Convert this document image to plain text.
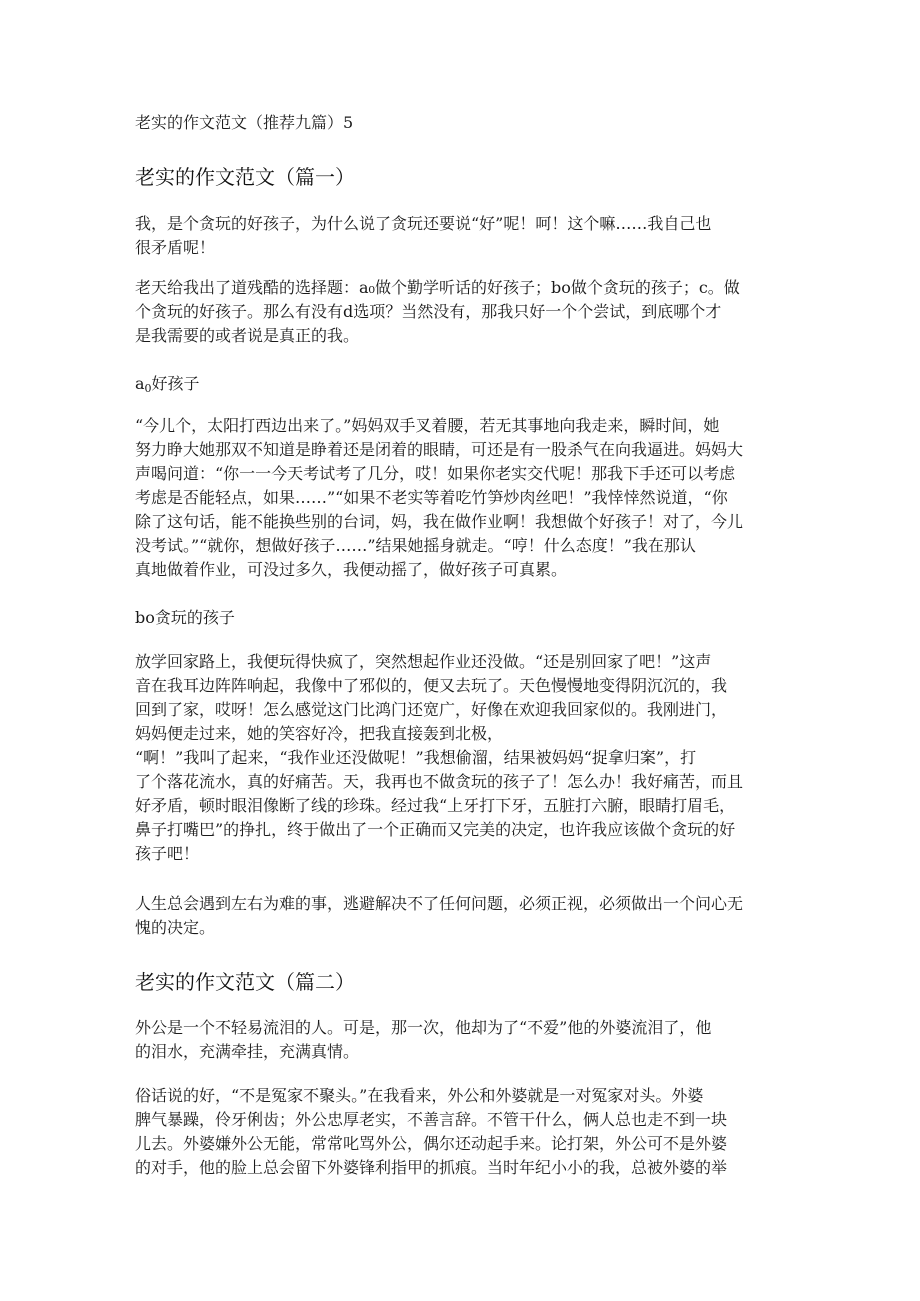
老实的作文范文（推荐九篇）5
老实的作文范文（篇一）
我，是个贪玩的好孩子，为什么说了贪玩还要说“好”呢！呵！这个嘛……我自己也
很矛盾呢！
老天给我出了道残酷的选择题：a₀做个勤学听话的好孩子；bo做个贪玩的孩子；c。做
个贪玩的好孩子。那么有没有d选项？当然没有，那我只好一个个尝试，到底哪个才
是我需要的或者说是真正的我。
$a_0$好孩子
“今儿个，太阳打西边出来了。”妈妈双手叉着腰，若无其事地向我走来，瞬时间，她
努力睁大她那双不知道是睁着还是闭着的眼睛，可还是有一股杀气在向我逼进。妈妈大
声喝问道：“你一一今天考试考了几分，哎！如果你老实交代呢！那我下手还可以考虑
考虑是否能轻点，如果……”“如果不老实等着吃竹笋炒肉丝吧！”我悻悻然说道，“你
除了这句话，能不能换些别的台词，妈，我在做作业啊！我想做个好孩子！对了，今儿
没考试。”“就你，想做好孩子……”结果她摇身就走。“哼！什么态度！”我在那认
真地做着作业，可没过多久，我便动摇了，做好孩子可真累。
bo贪玩的孩子
放学回家路上，我便玩得快疯了，突然想起作业还没做。“还是别回家了吧！”这声
音在我耳边阵阵响起，我像中了邪似的，便又去玩了。天色慢慢地变得阴沉沉的，我
回到了家，哎呀！怎么感觉这门比鸿门还宽广，好像在欢迎我回家似的。我刚进门，
妈妈便走过来，她的笑容好冷，把我直接轰到北极，
“啊！”我叫了起来，“我作业还没做呢！”我想偷溜，结果被妈妈“捉拿归案”，打
了个落花流水，真的好痛苦。天，我再也不做贪玩的孩子了！怎么办！我好痛苦，而且
好矛盾，顿时眼泪像断了线的珍珠。经过我“上牙打下牙，五脏打六腑，眼睛打眉毛，
鼻子打嘴巴”的挣扎，终于做出了一个正确而又完美的决定，也许我应该做个贪玩的好
孩子吧！
人生总会遇到左右为难的事，逃避解决不了任何问题，必须正视，必须做出一个问心无
愧的决定。
老实的作文范文（篇二）
外公是一个不轻易流泪的人。可是，那一次，他却为了“不爱”他的外婆流泪了，他
的泪水，充满牵挂，充满真情。
俗话说的好，“不是冤家不聚头。”在我看来，外公和外婆就是一对冤家对头。外婆
脾气暴躁，伶牙俐齿；外公忠厚老实，不善言辞。不管干什么，俩人总也走不到一块
儿去。外婆嫌外公无能，常常叱骂外公，偶尔还动起手来。论打架，外公可不是外婆
的对手，他的脸上总会留下外婆锋利指甲的抓痕。当时年纪小小的我，总被外婆的举
